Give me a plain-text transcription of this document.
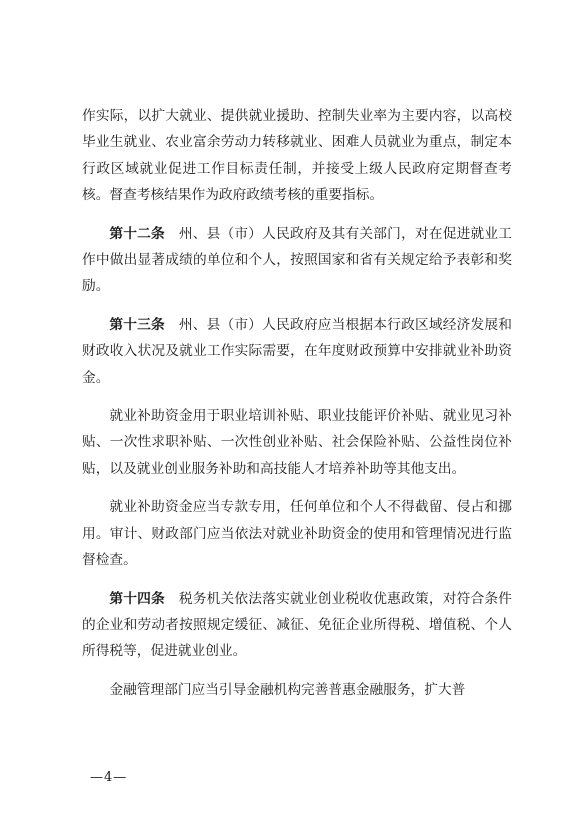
作实际，以扩大就业、提供就业援助、控制失业率为主要内容，以高校毕业生就业、农业富余劳动力转移就业、困难人员就业为重点，制定本行政区域就业促进工作目标责任制，并接受上级人民政府定期督查考核。督查考核结果作为政府政绩考核的重要指标。

第十二条　州、县（市）人民政府及其有关部门，对在促进就业工作中做出显著成绩的单位和个人，按照国家和省有关规定给予表彰和奖励。

第十三条　州、县（市）人民政府应当根据本行政区域经济发展和财政收入状况及就业工作实际需要，在年度财政预算中安排就业补助资金。

就业补助资金用于职业培训补贴、职业技能评价补贴、就业见习补贴、一次性求职补贴、一次性创业补贴、社会保险补贴、公益性岗位补贴，以及就业创业服务补助和高技能人才培养补助等其他支出。

就业补助资金应当专款专用，任何单位和个人不得截留、侵占和挪用。审计、财政部门应当依法对就业补助资金的使用和管理情况进行监督检查。

第十四条　税务机关依法落实就业创业税收优惠政策，对符合条件的企业和劳动者按照规定缓征、减征、免征企业所得税、增值税、个人所得税等，促进就业创业。

金融管理部门应当引导金融机构完善普惠金融服务，扩大普

—4—
